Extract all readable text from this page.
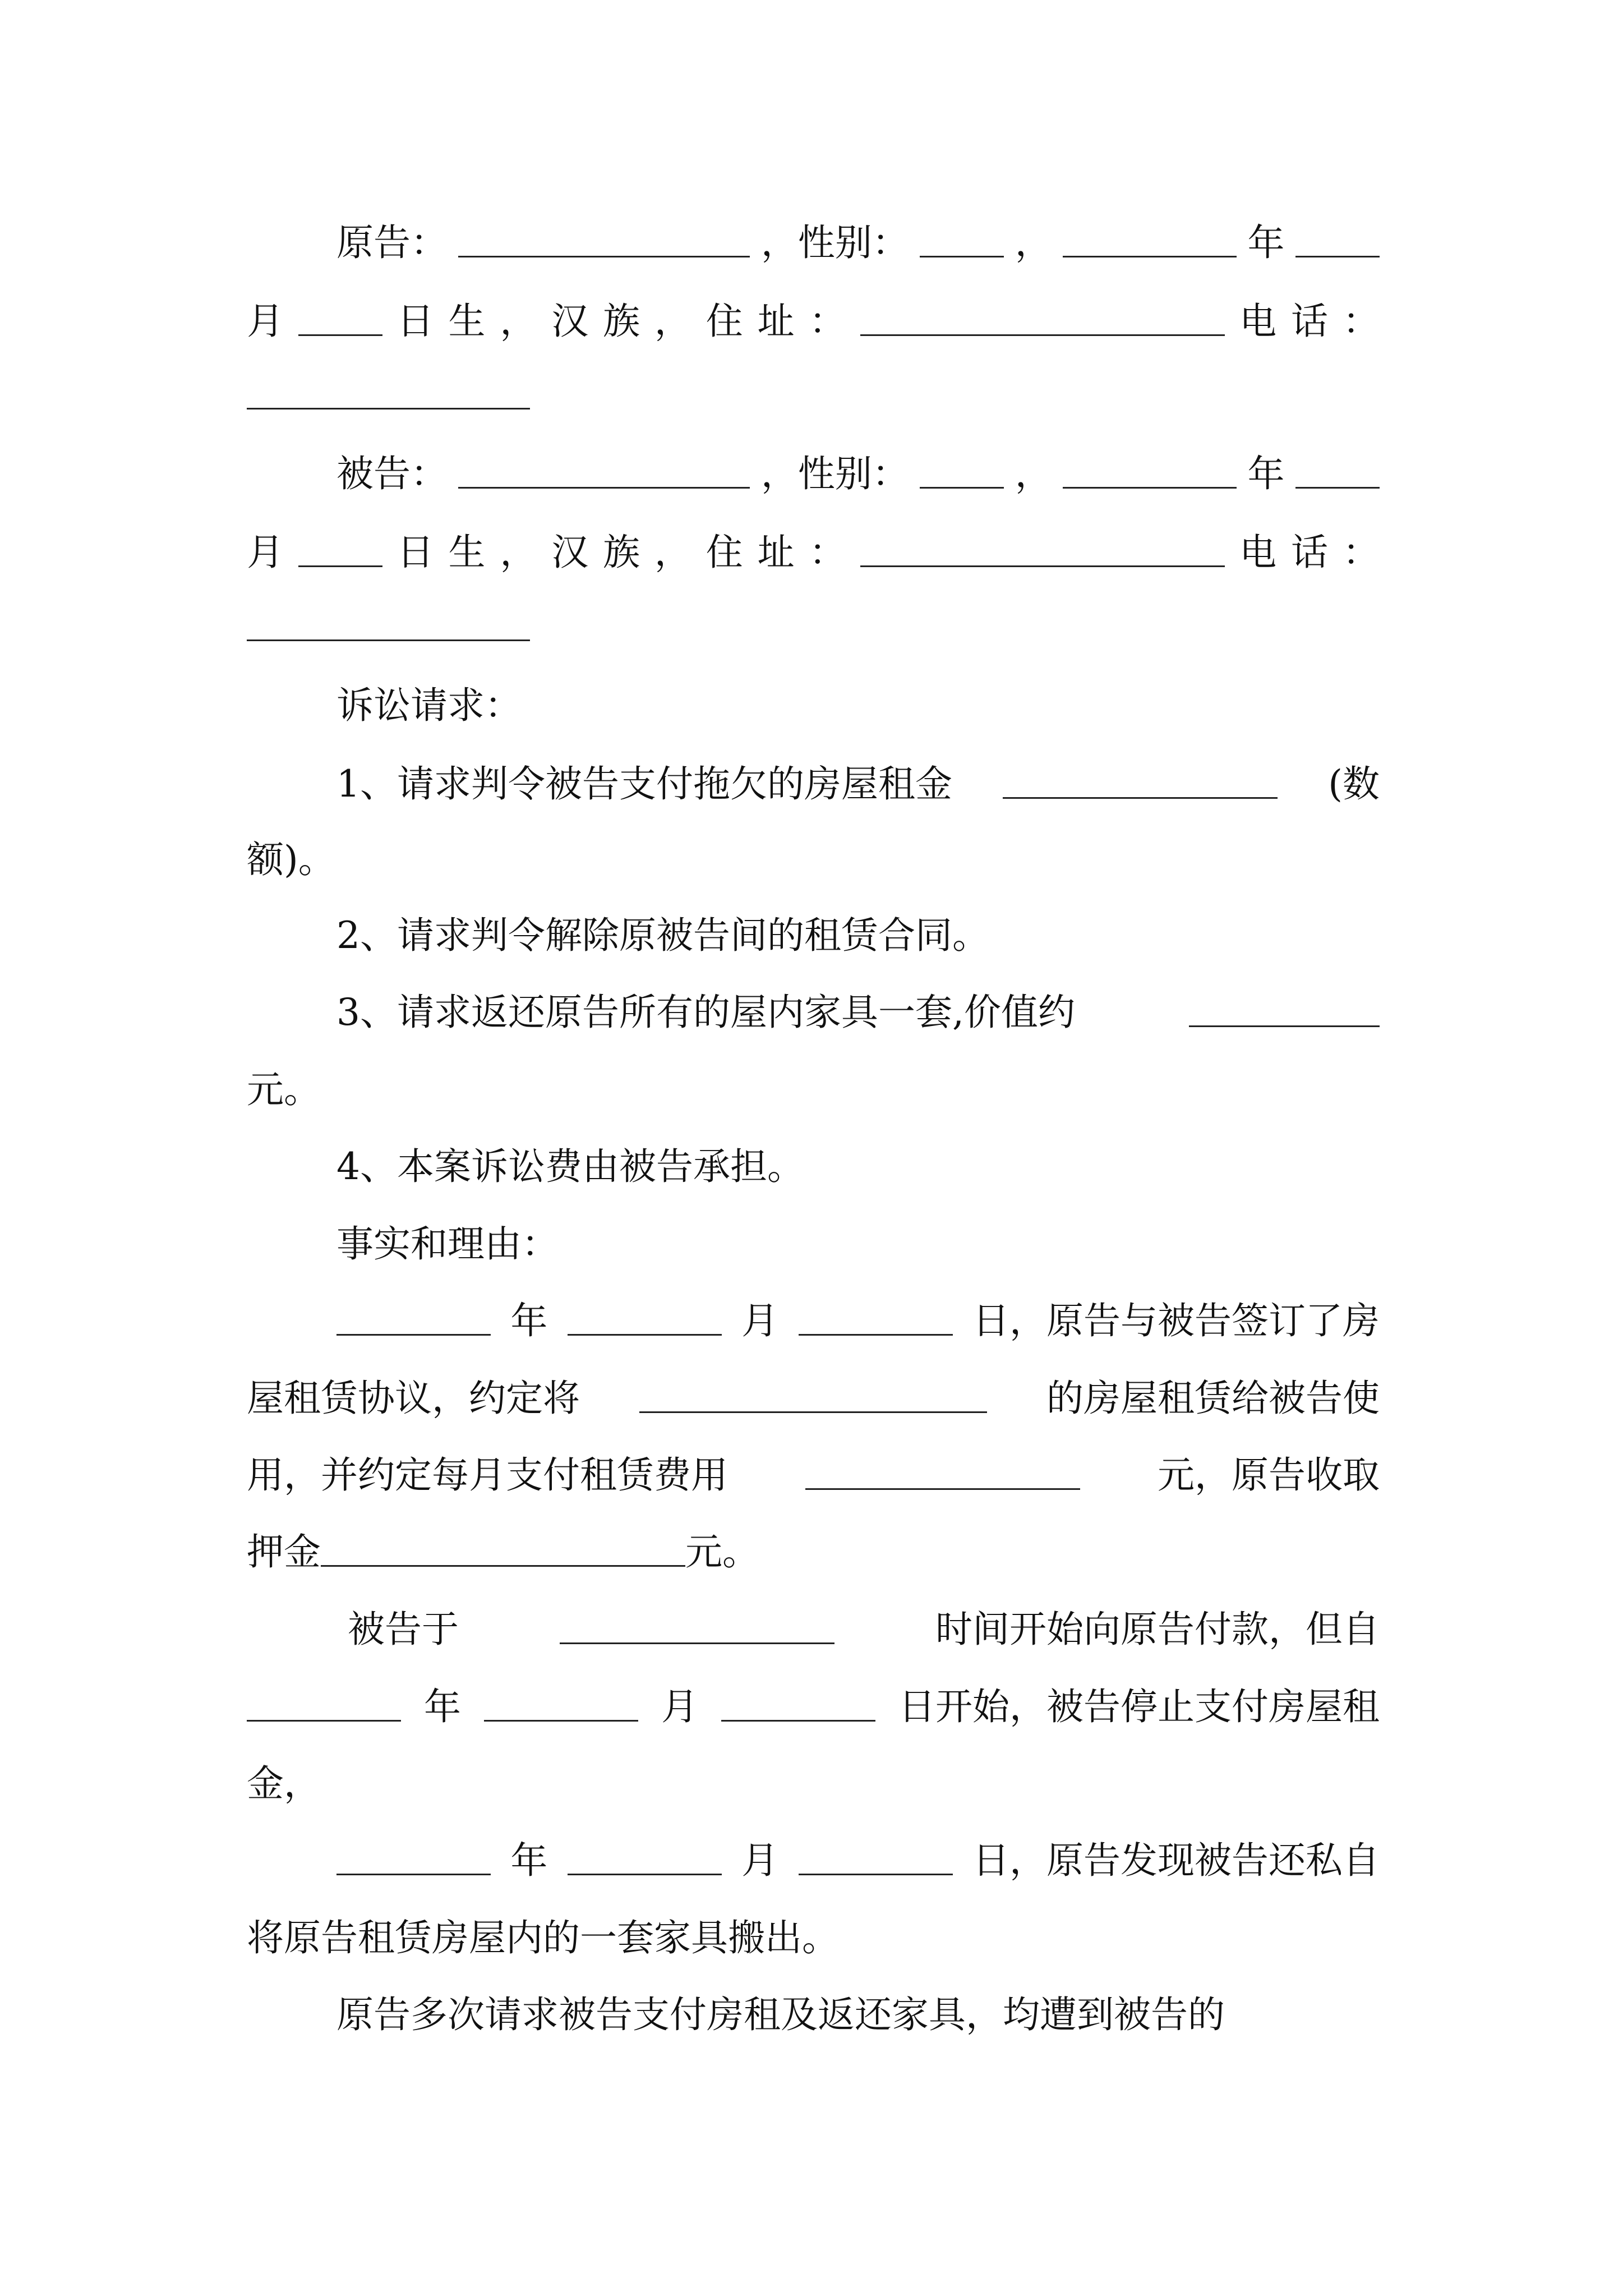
原告：	，性别：	，	年
月	日 生 ， 汉 族 ， 住 址 ：	电 话 ：
被告：	，性别：	，	年
月	日 生 ， 汉 族 ， 住 址 ：	电 话 ：
诉讼请求：
1、请求判令被告支付拖欠的房屋租金	(数
额)。
2、请求判令解除原被告间的租赁合同。
3、请求返还原告所有的屋内家具一套,价值约
元。
4、本案诉讼费由被告承担。
事实和理由：
年	月	日，原告与被告签订了房
屋租赁协议，约定将	的房屋租赁给被告使
用，并约定每月支付租赁费用	元，原告收取
押金	元。
被告于	时间开始向原告付款，但自
年	月	日开始，被告停止支付房屋租
金，
年	月	日，原告发现被告还私自
将原告租赁房屋内的一套家具搬出。
原告多次请求被告支付房租及返还家具，均遭到被告的
